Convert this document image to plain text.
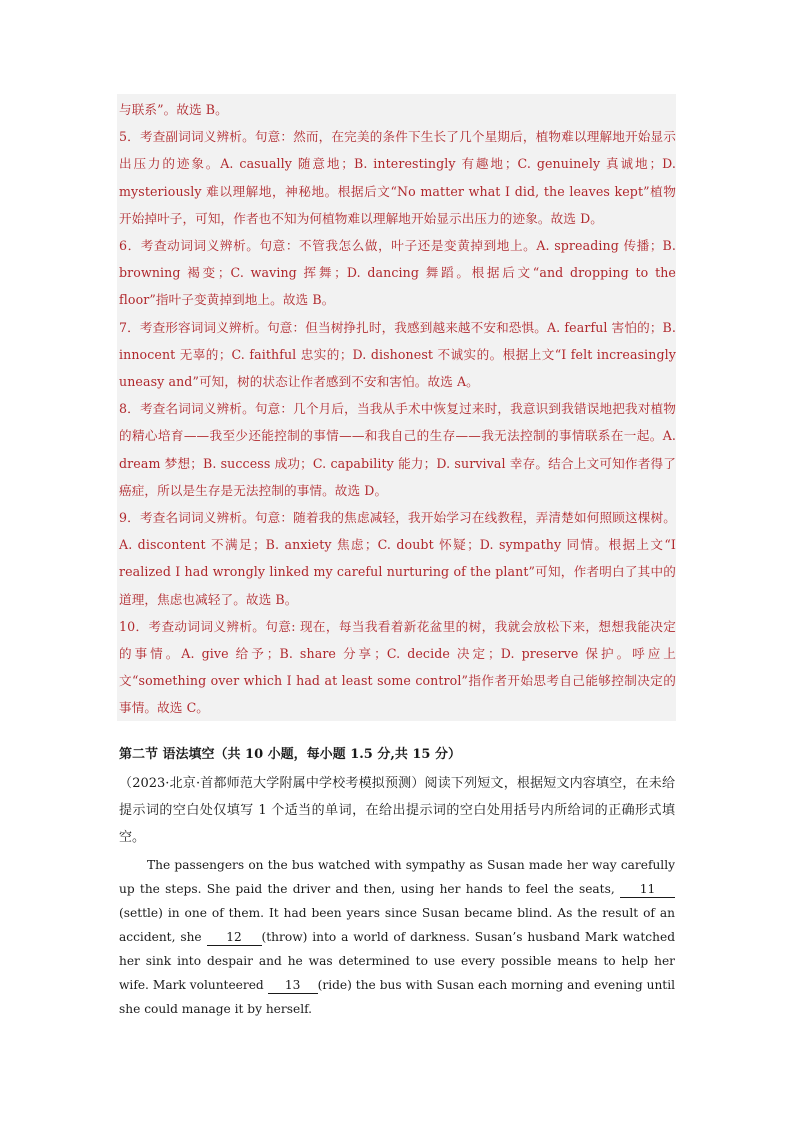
与联系”。故选 B。

5．考查副词词义辨析。句意：然而，在完美的条件下生长了几个星期后，植物难以理解地开始显示出压力的迹象。A. casually 随意地；B. interestingly 有趣地；C. genuinely 真诚地；D. mysteriously 难以理解地，神秘地。根据后文“No matter what I did, the leaves kept”植物开始掉叶子，可知，作者也不知为何植物难以理解地开始显示出压力的迹象。故选 D。

6．考查动词词义辨析。句意：不管我怎么做，叶子还是变黄掉到地上。A. spreading 传播；B. browning 褐变；C. waving 挥舞；D. dancing 舞蹈。根据后文“and dropping to the floor”指叶子变黄掉到地上。故选 B。

7．考查形容词词义辨析。句意：但当树挣扎时，我感到越来越不安和恐惧。A. fearful 害怕的；B. innocent 无辜的；C. faithful 忠实的；D. dishonest 不诚实的。根据上文“I felt increasingly uneasy and”可知，树的状态让作者感到不安和害怕。故选 A。

8．考查名词词义辨析。句意：几个月后，当我从手术中恢复过来时，我意识到我错误地把我对植物的精心培育——我至少还能控制的事情——和我自己的生存——我无法控制的事情联系在一起。A. dream 梦想；B. success 成功；C. capability 能力；D. survival 幸存。结合上文可知作者得了癌症，所以是生存是无法控制的事情。故选 D。

9．考查名词词义辨析。句意：随着我的焦虑减轻，我开始学习在线教程，弄清楚如何照顾这棵树。A. discontent 不满足；B. anxiety 焦虑；C. doubt 怀疑；D. sympathy 同情。根据上文“I realized I had wrongly linked my careful nurturing of the plant”可知，作者明白了其中的道理，焦虑也减轻了。故选 B。

10．考查动词词义辨析。句意: 现在，每当我看着新花盆里的树，我就会放松下来，想想我能决定的事情。A. give 给予；B. share 分享；C. decide 决定；D. preserve 保护。呼应上文“something over which I had at least some control”指作者开始思考自己能够控制决定的事情。故选 C。

第二节 语法填空（共 10 小题，每小题 1.5 分,共 15 分）
（2023·北京·首都师范大学附属中学校考模拟预测）阅读下列短文，根据短文内容填空，在未给提示词的空白处仅填写 1 个适当的单词，在给出提示词的空白处用括号内所给词的正确形式填空。
The passengers on the bus watched with sympathy as Susan made her way carefully up the steps. She paid the driver and then, using her hands to feel the seats, 11(settle) in one of them. It had been years since Susan became blind. As the result of an accident, she 12 (throw) into a world of darkness. Susan’s husband Mark watched her sink into despair and he was determined to use every possible means to help her wife. Mark volunteered 13 (ride) the bus with Susan each morning and evening until she could manage it by herself.
